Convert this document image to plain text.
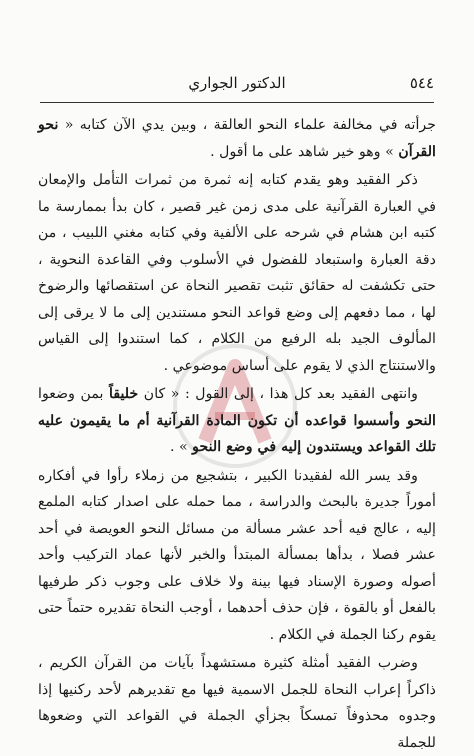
٥٤٤
الدكتور الجواري

جرأته في مخالفة علماء النحو العالقة ، وبين يدي الآن كتابه « نحو القرآن » وهو خير شاهد على ما أقول .

ذكر الفقيد وهو يقدم كتابه إنه ثمرة من ثمرات التأمل والإمعان في العبارة القرآنية على مدى زمن غير قصير ، كان بدأ بممارسة ما كتبه ابن هشام في شرحه على الألفية وفي كتابه مغني اللبيب ، من دقة العبارة واستبعاد للفضول في الأسلوب وفي القاعدة النحوية ، حتى تكشفت له حقائق تثبت تقصير النحاة عن استقصائها والرضوخ لها ، مما دفعهم إلى وضع قواعد النحو مستندين إلى ما لا يرقى إلى المألوف الجيد بله الرفيع من الكلام ، كما استندوا إلى القياس والاستنتاج الذي لا يقوم على أساس موضوعي .

وانتهى الفقيد بعد كل هذا ، إلى القول : « كان خليقاً بمن وضعوا النحو وأسسوا قواعده أن تكون المادة القرآنية أم ما يقيمون عليه تلك القواعد ويستندون إليه في وضع النحو » .

وقد يسر الله لفقيدنا الكبير ، بتشجيع من زملاء رأوا في أفكاره أموراً جديرة بالبحث والدراسة ، مما حمله على اصدار كتابه الملمع إليه ، عالج فيه أحد عشر مسألة من مسائل النحو العويصة في أحد عشر فصلا ، بدأها بمسألة المبتدأ والخبر لأنها عماد التركيب وأحد أصوله وصورة الإسناد فيها بينة ولا خلاف على وجوب ذكر طرفيها بالفعل أو بالقوة ، فإن حذف أحدهما ، أوجب النحاة تقديره حتماً حتى يقوم ركنا الجملة في الكلام .

وضرب الفقيد أمثلة كثيرة مستشهداً بآيات من القرآن الكريم ، ذاكراً إعراب النحاة للجمل الاسمية فيها مع تقديرهم لأحد ركنيها إذا وجدوه محذوفاً تمسكاً بجزأي الجملة في القواعد التي وضعوها للجملة
